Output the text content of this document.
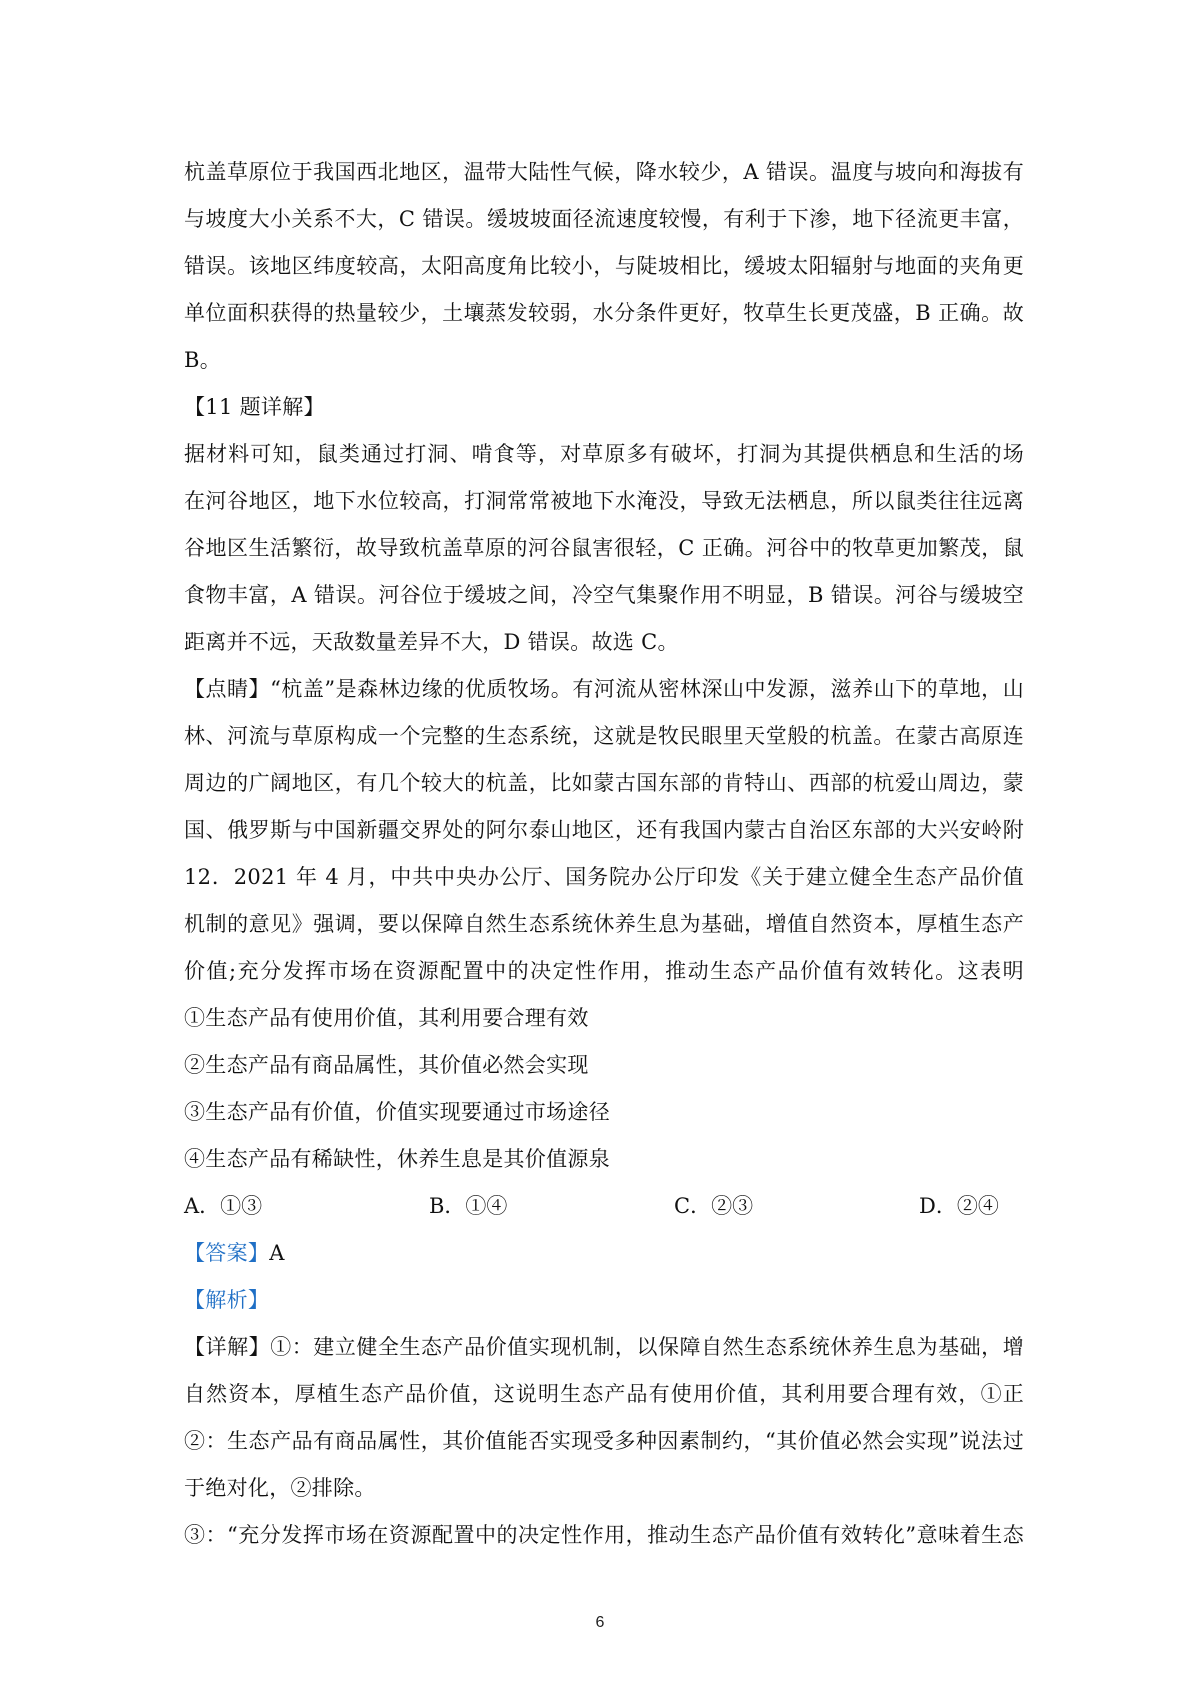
杭盖草原位于我国西北地区，温带大陆性气候，降水较少，A 错误。温度与坡向和海拔有
与坡度大小关系不大，C 错误。缓坡坡面径流速度较慢，有利于下渗，地下径流更丰富，
错误。该地区纬度较高，太阳高度角比较小，与陡坡相比，缓坡太阳辐射与地面的夹角更
单位面积获得的热量较少，土壤蒸发较弱，水分条件更好，牧草生长更茂盛，B 正确。故
B。
【11 题详解】
据材料可知，鼠类通过打洞、啃食等，对草原多有破坏，打洞为其提供栖息和生活的场
在河谷地区，地下水位较高，打洞常常被地下水淹没，导致无法栖息，所以鼠类往往远离
谷地区生活繁衍，故导致杭盖草原的河谷鼠害很轻，C 正确。河谷中的牧草更加繁茂，鼠
食物丰富，A 错误。河谷位于缓坡之间，冷空气集聚作用不明显，B 错误。河谷与缓坡空
距离并不远，天敌数量差异不大，D 错误。故选 C。
【点睛】“杭盖”是森林边缘的优质牧场。有河流从密林深山中发源，滋养山下的草地，山
林、河流与草原构成一个完整的生态系统，这就是牧民眼里天堂般的杭盖。在蒙古高原连
周边的广阔地区，有几个较大的杭盖，比如蒙古国东部的肯特山、西部的杭爱山周边，蒙
国、俄罗斯与中国新疆交界处的阿尔泰山地区，还有我国内蒙古自治区东部的大兴安岭附
12．2021 年 4 月，中共中央办公厅、国务院办公厅印发《关于建立健全生态产品价值
机制的意见》强调，要以保障自然生态系统休养生息为基础，增值自然资本，厚植生态产
价值;充分发挥市场在资源配置中的决定性作用，推动生态产品价值有效转化。这表明　　
①生态产品有使用价值，其利用要合理有效
②生态产品有商品属性，其价值必然会实现
③生态产品有价值，价值实现要通过市场途径
④生态产品有稀缺性，休养生息是其价值源泉
A．①③	B．①④	C．②③	D．②④
【答案】A
【解析】
【详解】①：建立健全生态产品价值实现机制，以保障自然生态系统休养生息为基础，增
自然资本，厚植生态产品价值，这说明生态产品有使用价值，其利用要合理有效，①正
②：生态产品有商品属性，其价值能否实现受多种因素制约，“其价值必然会实现”说法过
于绝对化，②排除。
③：“充分发挥市场在资源配置中的决定性作用，推动生态产品价值有效转化”意味着生态
6
